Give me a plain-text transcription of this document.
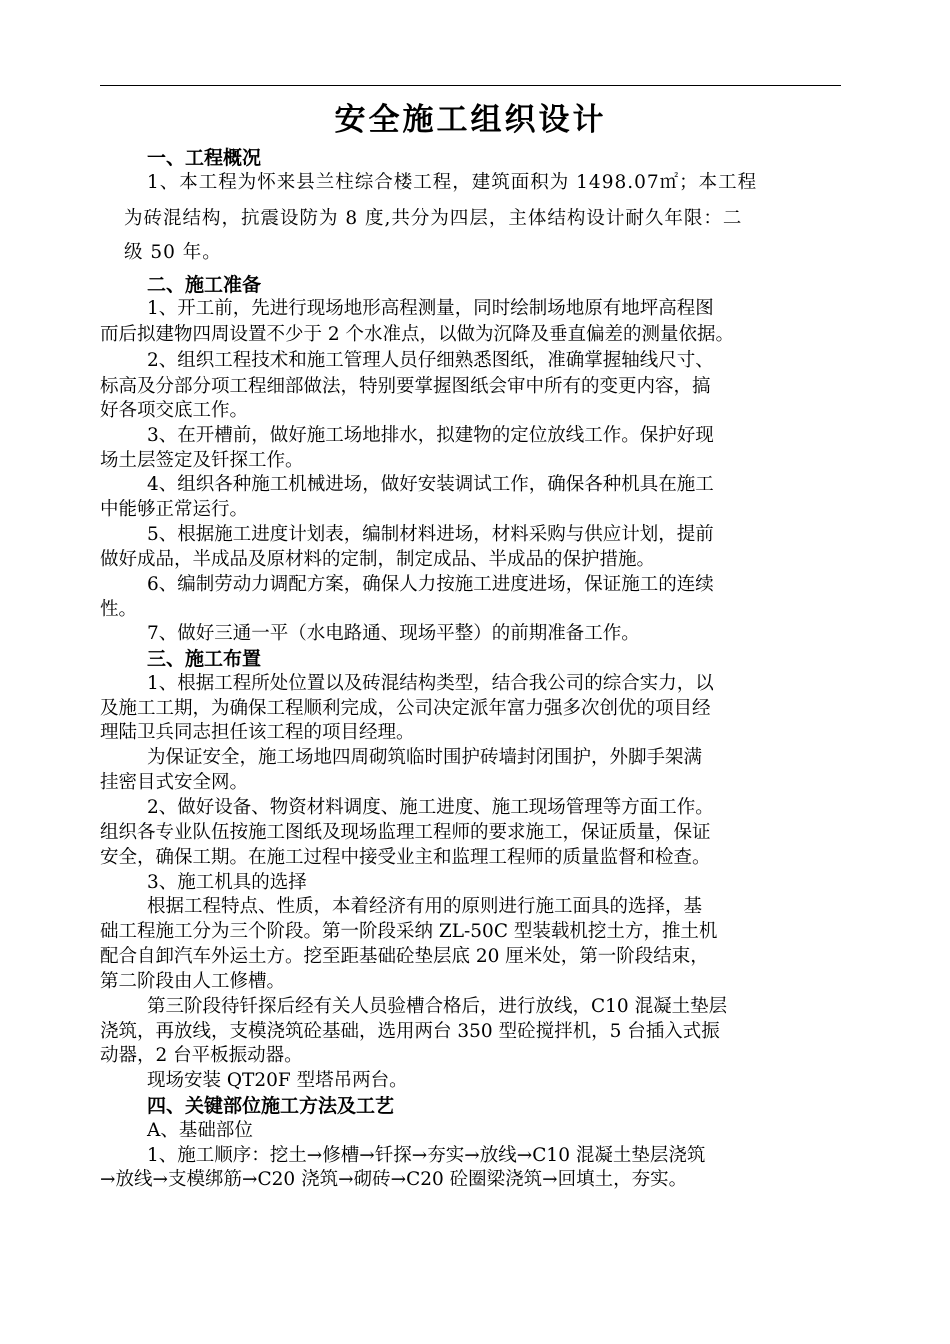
安全施工组织设计

一、工程概况

1、本工程为怀来县兰柱综合楼工程，建筑面积为 1498.07㎡；本工程

为砖混结构，抗震设防为 8 度,共分为四层，主体结构设计耐久年限：二

级 50 年。

二、施工准备

1、开工前，先进行现场地形高程测量，同时绘制场地原有地坪高程图

而后拟建物四周设置不少于 2 个水准点，以做为沉降及垂直偏差的测量依据。

2、组织工程技术和施工管理人员仔细熟悉图纸，准确掌握轴线尺寸、

标高及分部分项工程细部做法，特别要掌握图纸会审中所有的变更内容，搞

好各项交底工作。

3、在开槽前，做好施工场地排水，拟建物的定位放线工作。保护好现

场土层签定及钎探工作。

4、组织各种施工机械进场，做好安装调试工作，确保各种机具在施工

中能够正常运行。

5、根据施工进度计划表，编制材料进场，材料采购与供应计划，提前

做好成品，半成品及原材料的定制，制定成品、半成品的保护措施。

6、编制劳动力调配方案，确保人力按施工进度进场，保证施工的连续

性。

7、做好三通一平（水电路通、现场平整）的前期准备工作。

三、施工布置

1、根据工程所处位置以及砖混结构类型，结合我公司的综合实力，以

及施工工期，为确保工程顺利完成，公司决定派年富力强多次创优的项目经

理陆卫兵同志担任该工程的项目经理。

为保证安全，施工场地四周砌筑临时围护砖墙封闭围护，外脚手架满

挂密目式安全网。

2、做好设备、物资材料调度、施工进度、施工现场管理等方面工作。

组织各专业队伍按施工图纸及现场监理工程师的要求施工，保证质量，保证

安全，确保工期。在施工过程中接受业主和监理工程师的质量监督和检查。

3、施工机具的选择

根据工程特点、性质，本着经济有用的原则进行施工面具的选择，基

础工程施工分为三个阶段。第一阶段采纳 ZL-50C 型装载机挖土方，推土机

配合自卸汽车外运土方。挖至距基础砼垫层底 20 厘米处，第一阶段结束，

第二阶段由人工修槽。

第三阶段待钎探后经有关人员验槽合格后，进行放线，C10 混凝土垫层

浇筑，再放线，支模浇筑砼基础，选用两台 350 型砼搅拌机，5 台插入式振

动器，2 台平板振动器。

现场安装 QT20F 型塔吊两台。

四、关键部位施工方法及工艺

A、基础部位

1、施工顺序：挖土→修槽→钎探→夯实→放线→C10 混凝土垫层浇筑

→放线→支模绑筋→C20 浇筑→砌砖→C20 砼圈梁浇筑→回填土，夯实。
